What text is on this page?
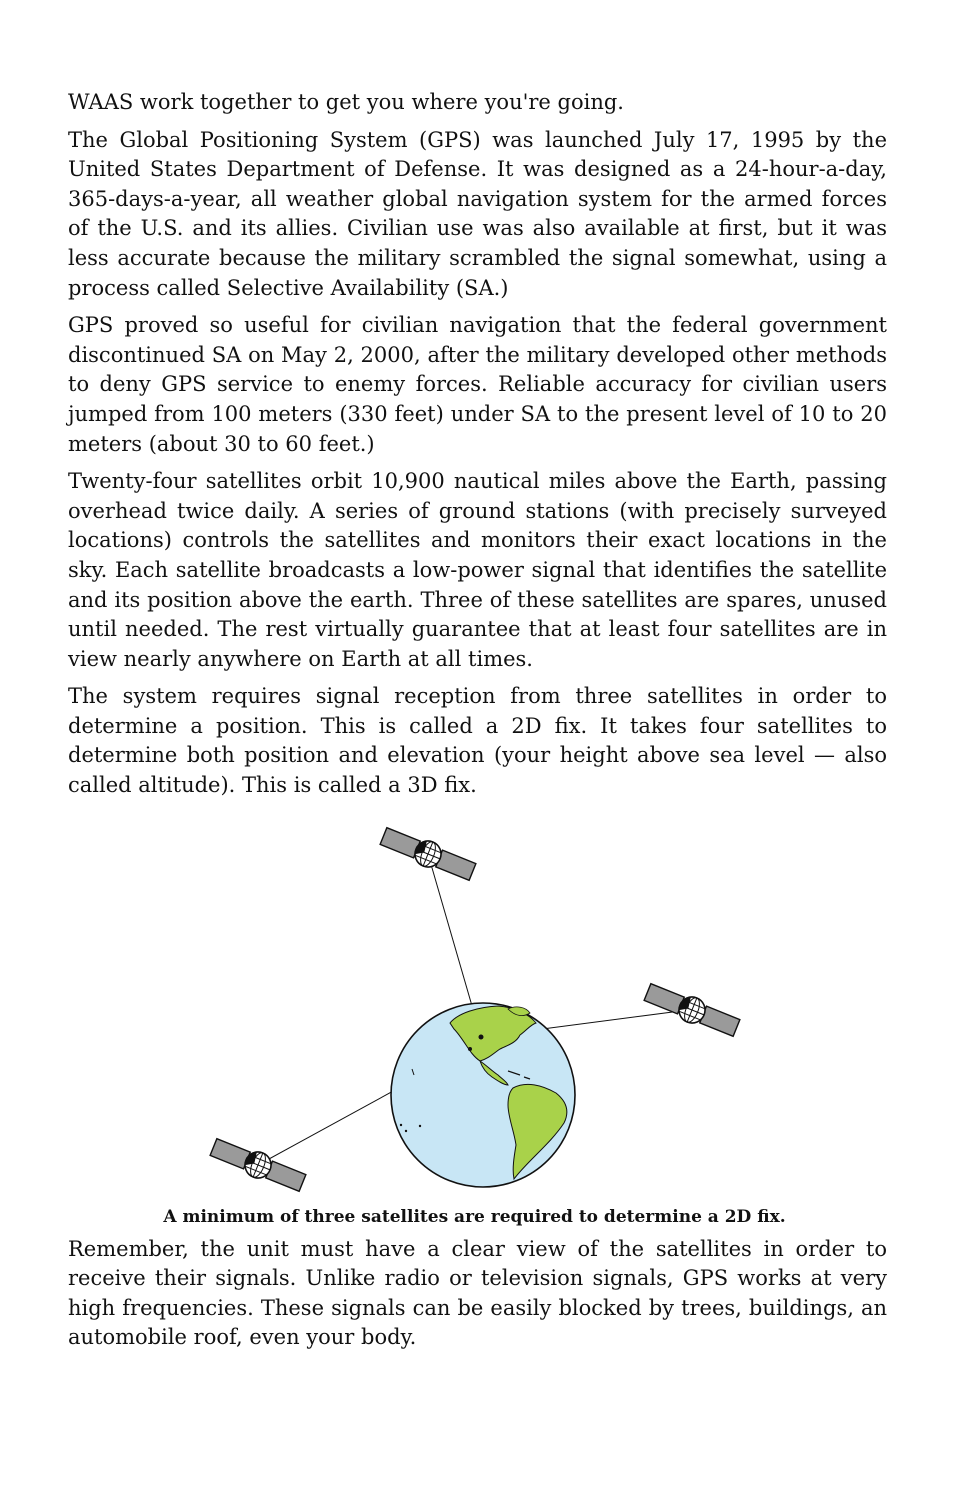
WAAS work together to get you where you're going.

The Global Positioning System (GPS) was launched July 17, 1995 by the United States Department of Defense. It was designed as a 24-hour-a-day, 365-days-a-year, all weather global navigation system for the armed forces of the U.S. and its allies. Civilian use was also available at first, but it was less accurate because the military scrambled the signal somewhat, using a process called Selective Availability (SA.)

GPS proved so useful for civilian navigation that the federal government discontinued SA on May 2, 2000, after the military developed other methods to deny GPS service to enemy forces. Reliable accuracy for civilian users jumped from 100 meters (330 feet) under SA to the present level of 10 to 20 meters (about 30 to 60 feet.)

Twenty-four satellites orbit 10,900 nautical miles above the Earth, passing overhead twice daily. A series of ground stations (with precisely surveyed locations) controls the satellites and monitors their exact locations in the sky. Each satellite broadcasts a low-power signal that identifies the satellite and its position above the earth. Three of these satellites are spares, unused until needed. The rest virtually guarantee that at least four satellites are in view nearly anywhere on Earth at all times.

The system requires signal reception from three satellites in order to determine a position. This is called a 2D fix. It takes four satellites to determine both position and elevation (your height above sea level — also called altitude). This is called a 3D fix.

A minimum of three satellites are required to determine a 2D fix.

Remember, the unit must have a clear view of the satellites in order to receive their signals. Unlike radio or television signals, GPS works at very high frequencies. These signals can be easily blocked by trees, buildings, an automobile roof, even your body.
